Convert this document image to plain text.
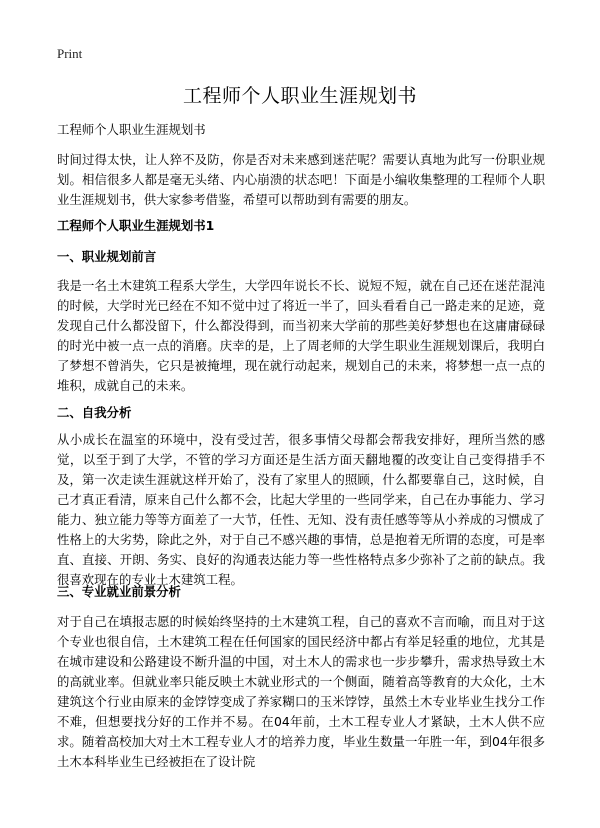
Print
工程师个人职业生涯规划书

工程师个人职业生涯规划书

时间过得太快，让人猝不及防，你是否对未来感到迷茫呢？需要认真地为此写一份职业规划。相信很多人都是毫无头绪、内心崩溃的状态吧！下面是小编收集整理的工程师个人职业生涯规划书，供大家参考借鉴，希望可以帮助到有需要的朋友。

工程师个人职业生涯规划书1

一、职业规划前言

我是一名土木建筑工程系大学生，大学四年说长不长、说短不短，就在自己还在迷茫混沌的时候，大学时光已经在不知不觉中过了将近一半了，回头看看自己一路走来的足迹，竟发现自己什么都没留下，什么都没得到，而当初来大学前的那些美好梦想也在这庸庸碌碌的时光中被一点一点的消磨。庆幸的是，上了周老师的大学生职业生涯规划课后，我明白了梦想不曾消失，它只是被掩埋，现在就行动起来，规划自己的未来，将梦想一点一点的堆积，成就自己的未来。

二、自我分析

从小成长在温室的环境中，没有受过苦，很多事情父母都会帮我安排好，理所当然的感觉，以至于到了大学，不管的学习方面还是生活方面天翻地覆的改变让自己变得措手不及，第一次走读生涯就这样开始了，没有了家里人的照顾，什么都要靠自己，这时候，自己才真正看清，原来自己什么都不会，比起大学里的一些同学来，自己在办事能力、学习能力、独立能力等等方面差了一大节，任性、无知、没有责任感等等从小养成的习惯成了性格上的大劣势，除此之外，对于自己不感兴趣的事情，总是抱着无所谓的态度，可是率直、直接、开朗、务实、良好的沟通表达能力等一些性格特点多少弥补了之前的缺点。我很喜欢现在的专业土木建筑工程。

三、专业就业前景分析

对于自己在填报志愿的时候始终坚持的土木建筑工程，自己的喜欢不言而喻，而且对于这个专业也很自信，土木建筑工程在任何国家的国民经济中都占有举足轻重的地位，尤其是在城市建设和公路建设不断升温的中国，对土木人的需求也一步步攀升，需求热导致土木的高就业率。但就业率只能反映土木就业形式的一个侧面，随着高等教育的大众化，土木建筑这个行业由原来的金饽饽变成了养家糊口的玉米饽饽，虽然土木专业毕业生找分工作不难，但想要找分好的工作并不易。在04年前，土木工程专业人才紧缺，土木人供不应求。随着高校加大对土木工程专业人才的培养力度，毕业生数量一年胜一年，到04年很多土木本科毕业生已经被拒在了设计院
